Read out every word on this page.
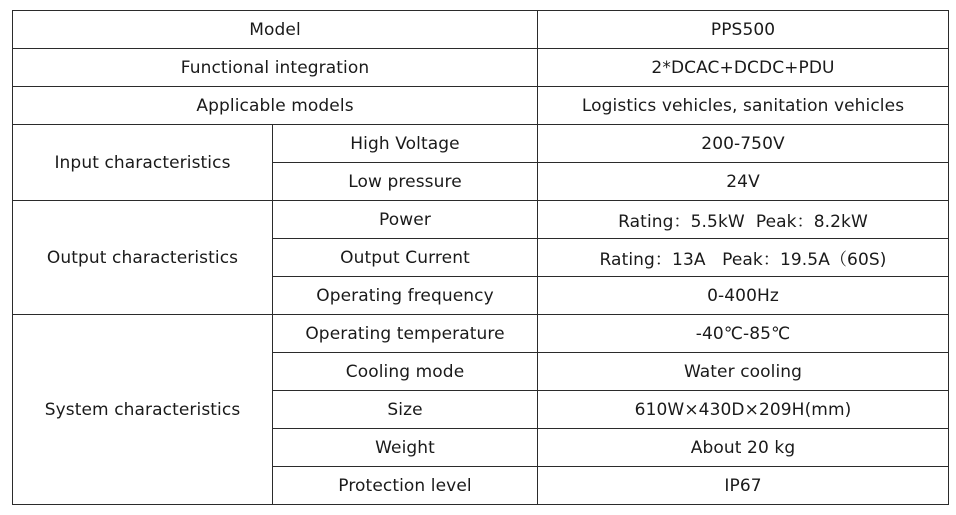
Model		PPS500
Functional integration		2*DCAC+DCDC+PDU
Applicable models		Logistics vehicles, sanitation vehicles
Input characteristics	High Voltage	200-750V
	Low pressure	24V
Output characteristics	Power	Rating：5.5kW  Peak：8.2kW
	Output Current	Rating：13A   Peak：19.5A（60S)
	Operating frequency	0-400Hz
System characteristics	Operating temperature	-40℃-85℃
	Cooling mode	Water cooling
	Size	610W×430D×209H(mm)
	Weight	About 20 kg
	Protection level	IP67
